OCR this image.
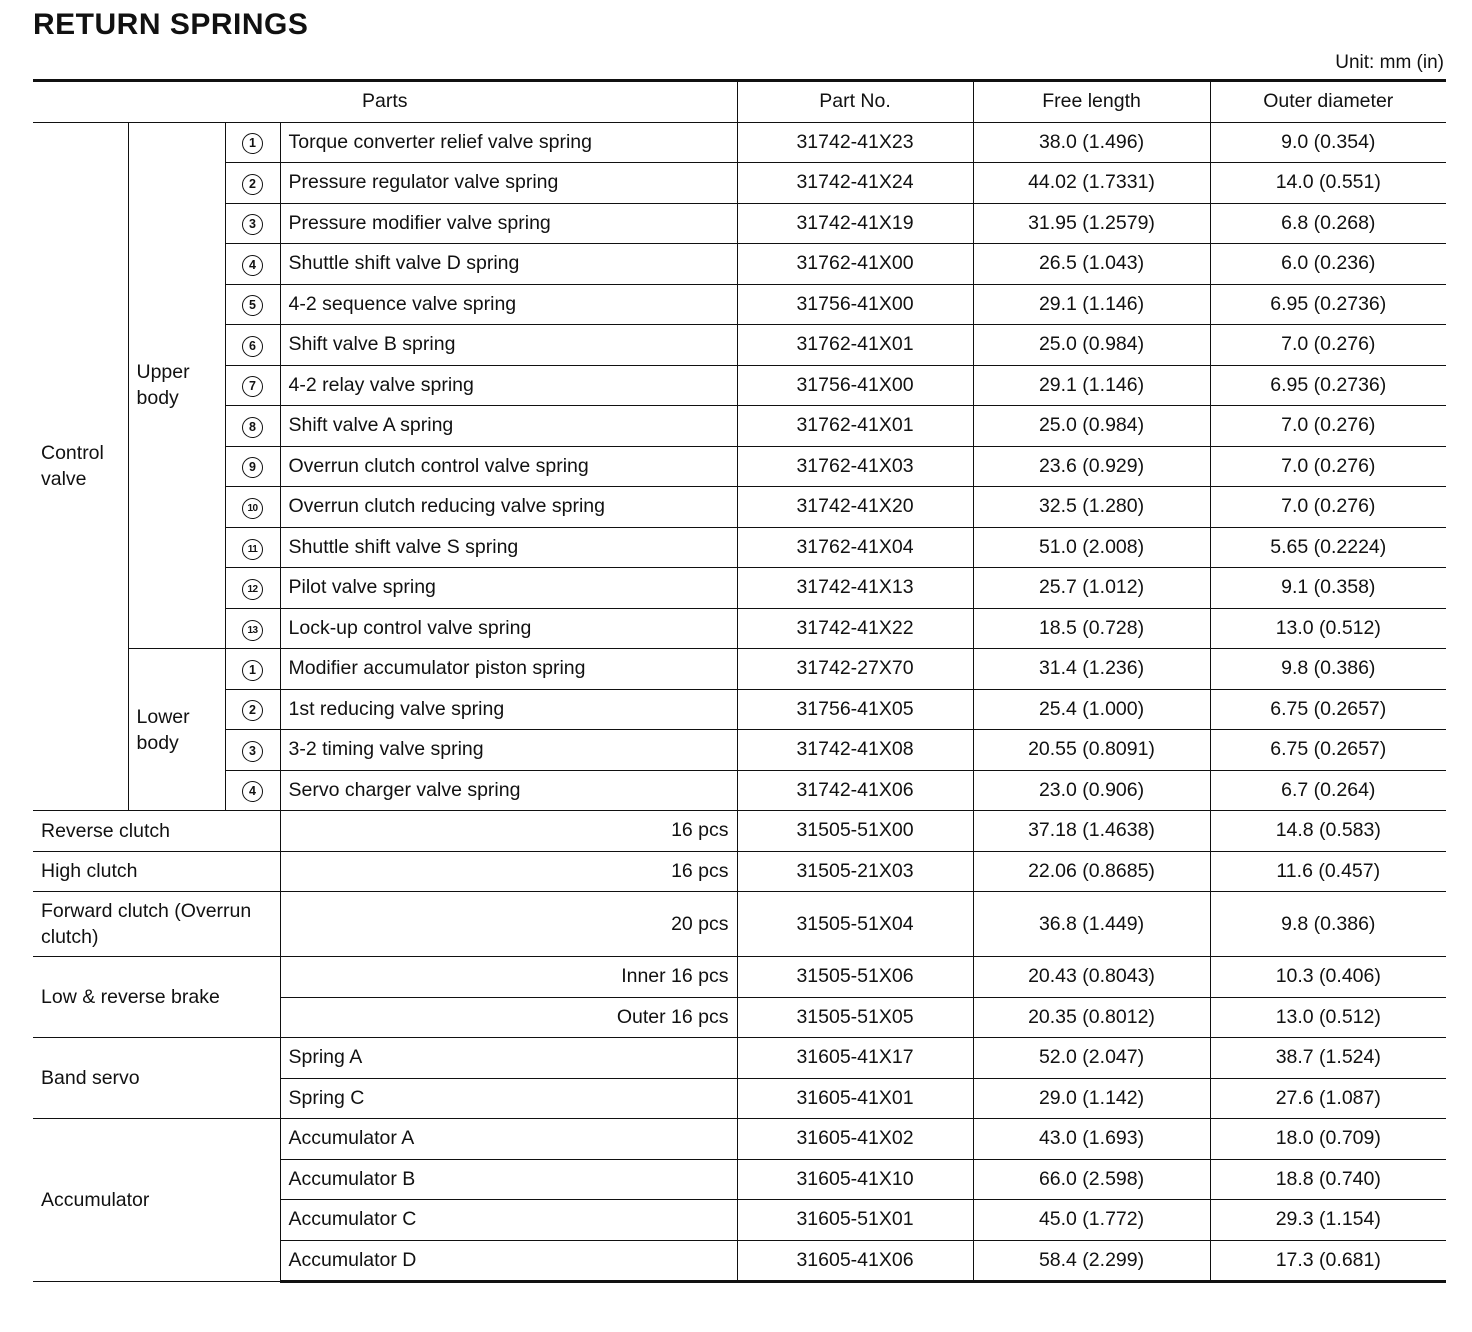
RETURN SPRINGS
Unit: mm (in)
Parts				Part No.	Free length	Outer diameter
Control valve	Upper body	1	Torque converter relief valve spring	31742-41X23	38.0 (1.496)	9.0 (0.354)
		2	Pressure regulator valve spring	31742-41X24	44.02 (1.7331)	14.0 (0.551)
		3	Pressure modifier valve spring	31742-41X19	31.95 (1.2579)	6.8 (0.268)
		4	Shuttle shift valve D spring	31762-41X00	26.5 (1.043)	6.0 (0.236)
		5	4-2 sequence valve spring	31756-41X00	29.1 (1.146)	6.95 (0.2736)
		6	Shift valve B spring	31762-41X01	25.0 (0.984)	7.0 (0.276)
		7	4-2 relay valve spring	31756-41X00	29.1 (1.146)	6.95 (0.2736)
		8	Shift valve A spring	31762-41X01	25.0 (0.984)	7.0 (0.276)
		9	Overrun clutch control valve spring	31762-41X03	23.6 (0.929)	7.0 (0.276)
		10	Overrun clutch reducing valve spring	31742-41X20	32.5 (1.280)	7.0 (0.276)
		11	Shuttle shift valve S spring	31762-41X04	51.0 (2.008)	5.65 (0.2224)
		12	Pilot valve spring	31742-41X13	25.7 (1.012)	9.1 (0.358)
		13	Lock-up control valve spring	31742-41X22	18.5 (0.728)	13.0 (0.512)
	Lower body	1	Modifier accumulator piston spring	31742-27X70	31.4 (1.236)	9.8 (0.386)
		2	1st reducing valve spring	31756-41X05	25.4 (1.000)	6.75 (0.2657)
		3	3-2 timing valve spring	31742-41X08	20.55 (0.8091)	6.75 (0.2657)
		4	Servo charger valve spring	31742-41X06	23.0 (0.906)	6.7 (0.264)
Reverse clutch			16 pcs	31505-51X00	37.18 (1.4638)	14.8 (0.583)
High clutch			16 pcs	31505-21X03	22.06 (0.8685)	11.6 (0.457)
Forward clutch (Overrun clutch)			20 pcs	31505-51X04	36.8 (1.449)	9.8 (0.386)
Low & reverse brake			Inner 16 pcs	31505-51X06	20.43 (0.8043)	10.3 (0.406)
			Outer 16 pcs	31505-51X05	20.35 (0.8012)	13.0 (0.512)
Band servo			Spring A	31605-41X17	52.0 (2.047)	38.7 (1.524)
			Spring C	31605-41X01	29.0 (1.142)	27.6 (1.087)
Accumulator			Accumulator A	31605-41X02	43.0 (1.693)	18.0 (0.709)
			Accumulator B	31605-41X10	66.0 (2.598)	18.8 (0.740)
			Accumulator C	31605-51X01	45.0 (1.772)	29.3 (1.154)
			Accumulator D	31605-41X06	58.4 (2.299)	17.3 (0.681)
